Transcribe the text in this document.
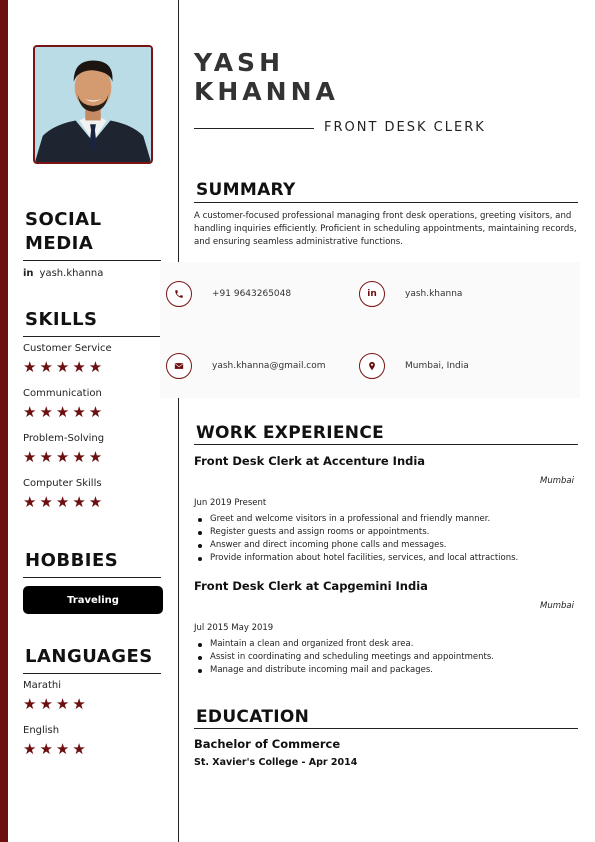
SOCIAL
MEDIA
in yash.khanna
SKILLS
Customer Service
★★★★★
Communication
★★★★★
Problem-Solving
★★★★★
Computer Skills
★★★★★
HOBBIES
Traveling
LANGUAGES
Marathi
★★★★
English
★★★★
YASH
KHANNA
FRONT DESK CLERK
SUMMARY
A customer-focused professional managing front desk operations, greeting visitors, and handling inquiries efficiently. Proficient in scheduling appointments, maintaining records, and ensuring seamless administrative functions.
+91 9643265048	in	yash.khanna
yash.khanna@gmail.com	Mumbai, India
WORK EXPERIENCE
Front Desk Clerk at Accenture India
Mumbai
Jun 2019 Present
Greet and welcome visitors in a professional and friendly manner.
Register guests and assign rooms or appointments.
Answer and direct incoming phone calls and messages.
Provide information about hotel facilities, services, and local attractions.
Front Desk Clerk at Capgemini India
Mumbai
Jul 2015 May 2019
Maintain a clean and organized front desk area.
Assist in coordinating and scheduling meetings and appointments.
Manage and distribute incoming mail and packages.
EDUCATION
Bachelor of Commerce
St. Xavier's College - Apr 2014
